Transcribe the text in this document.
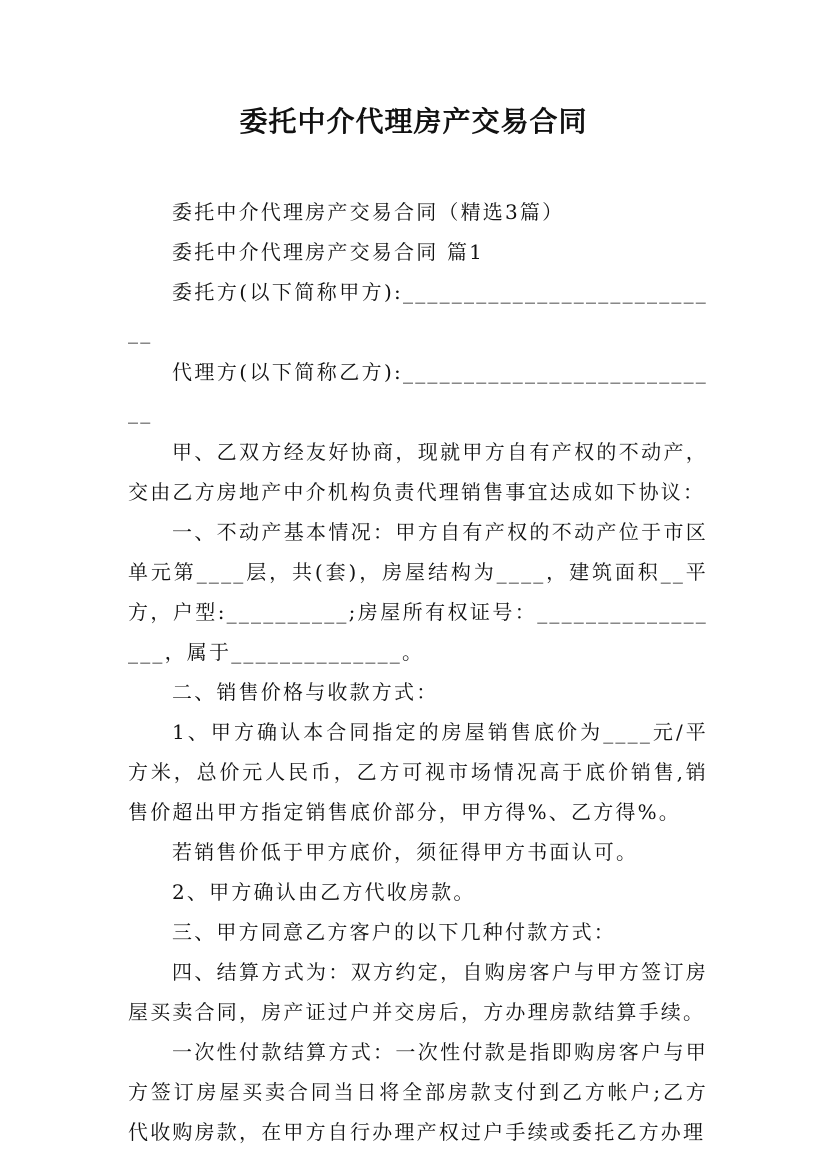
委托中介代理房产交易合同

委托中介代理房产交易合同（精选3篇）

委托中介代理房产交易合同 篇1

委托方(以下简称甲方):___________________________

代理方(以下简称乙方):___________________________

甲、乙双方经友好协商，现就甲方自有产权的不动产，交由乙方房地产中介机构负责代理销售事宜达成如下协议：

一、不动产基本情况：甲方自有产权的不动产位于市区单元第____层，共(套)，房屋结构为____，建筑面积__平方，户型:__________;房屋所有权证号：_________________，属于______________。

二、销售价格与收款方式：

1、甲方确认本合同指定的房屋销售底价为____元/平方米，总价元人民币，乙方可视市场情况高于底价销售,销售价超出甲方指定销售底价部分，甲方得%、乙方得%。

若销售价低于甲方底价，须征得甲方书面认可。

2、甲方确认由乙方代收房款。

三、甲方同意乙方客户的以下几种付款方式：

四、结算方式为：双方约定，自购房客户与甲方签订房屋买卖合同，房产证过户并交房后，方办理房款结算手续。

一次性付款结算方式：一次性付款是指即购房客户与甲方签订房屋买卖合同当日将全部房款支付到乙方帐户;乙方代收购房款，在甲方自行办理产权过户手续或委托乙方办理
